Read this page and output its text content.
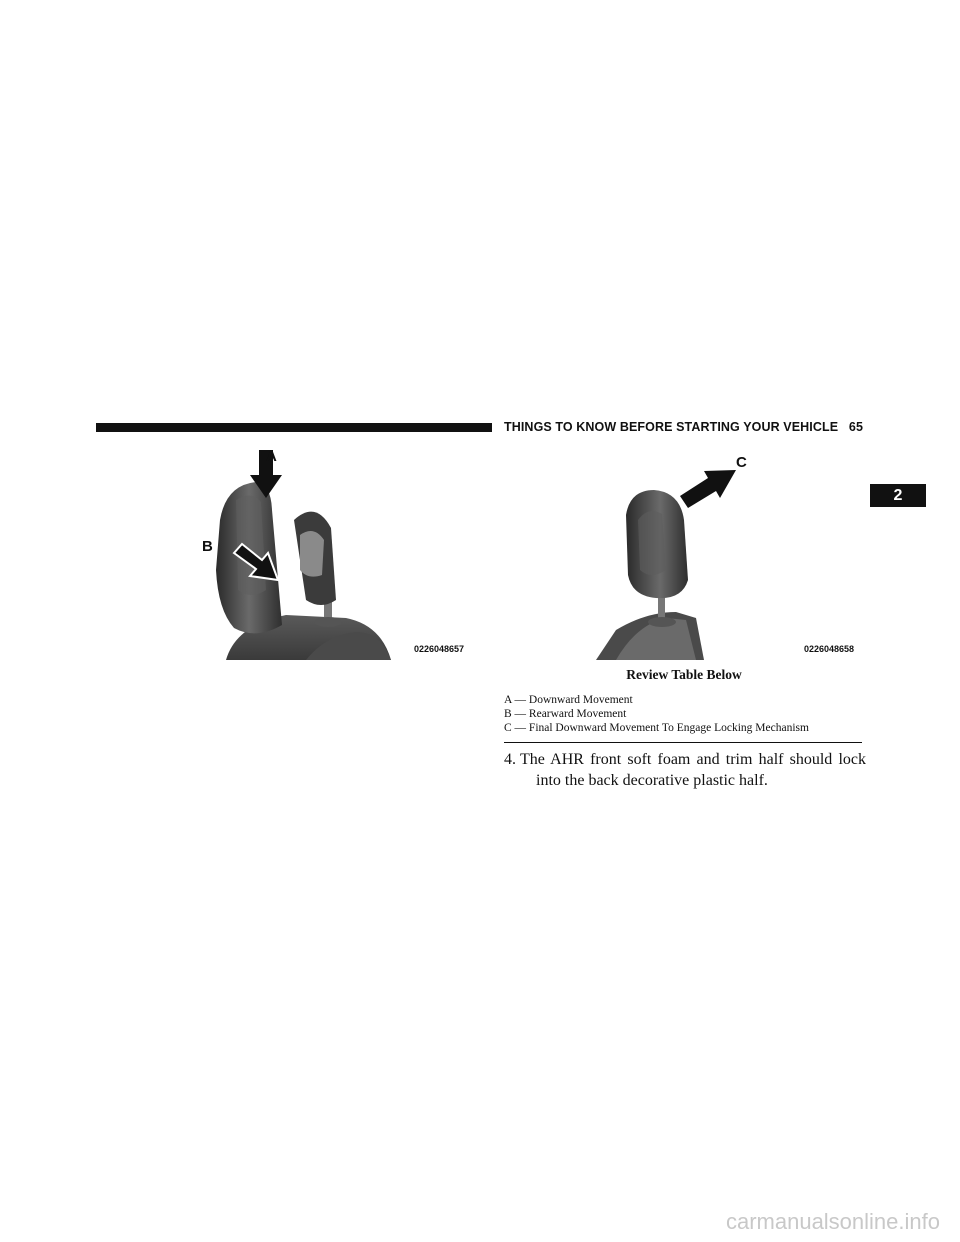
THINGS TO KNOW BEFORE STARTING YOUR VEHICLE 65
2
A
B
0226048657
C
0226048658
Review Table Below
A — Downward Movement
B — Rearward Movement
C — Final Downward Movement To Engage Locking Mechanism
4. The AHR front soft foam and trim half should lock
into the back decorative plastic half.
carmanualsonline.info
